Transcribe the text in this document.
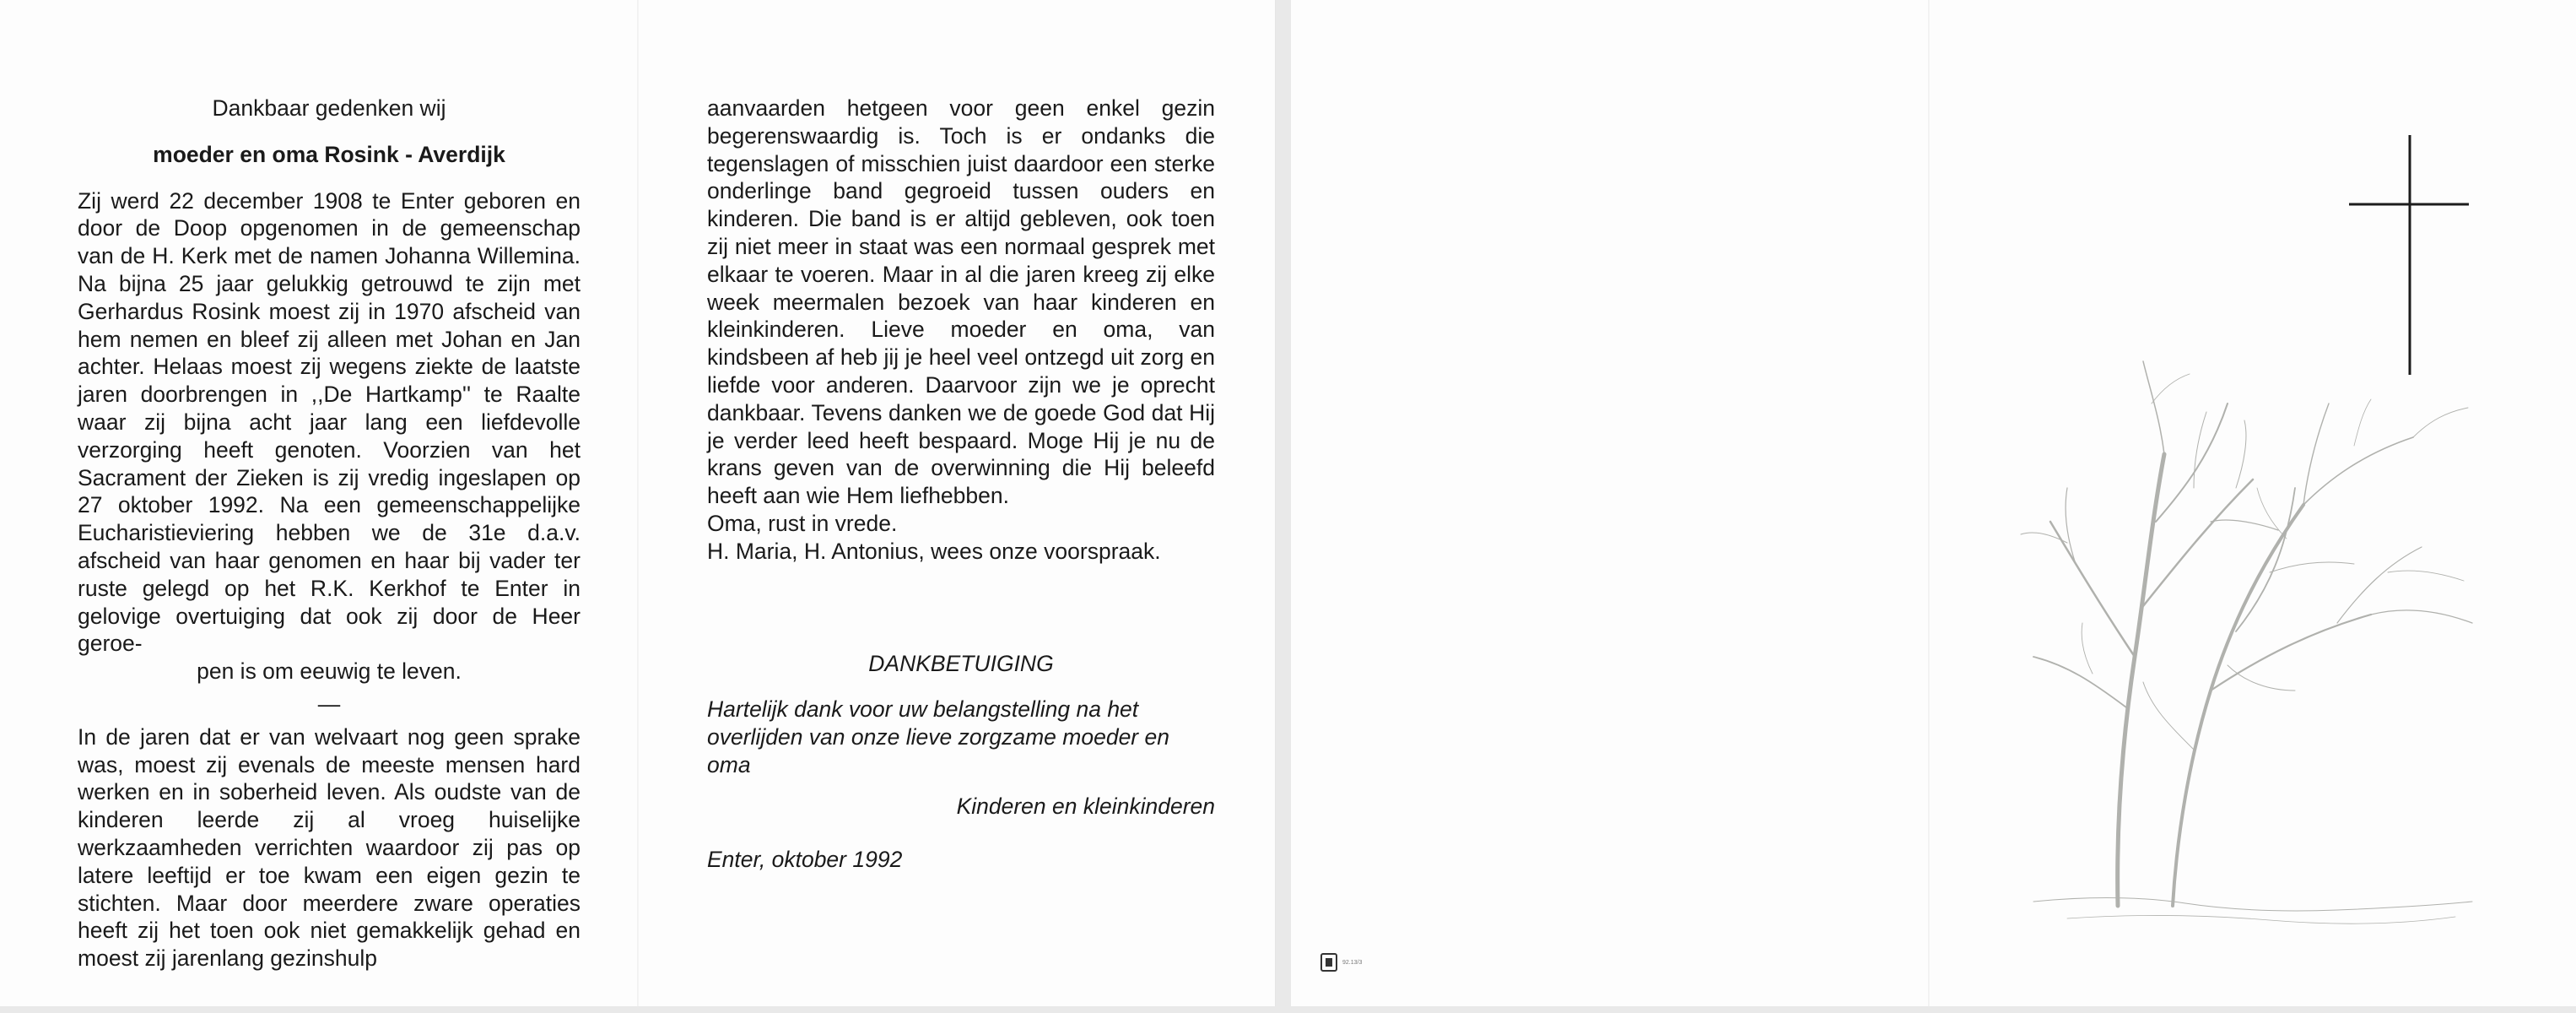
Dankbaar gedenken wij

moeder en oma Rosink - Averdijk

Zij werd 22 december 1908 te Enter geboren en door de Doop opgenomen in de gemeenschap van de H. Kerk met de namen Johanna Willemina. Na bijna 25 jaar gelukkig getrouwd te zijn met Gerhardus Rosink moest zij in 1970 afscheid van hem nemen en bleef zij alleen met Johan en Jan achter. Helaas moest zij wegens ziekte de laatste jaren doorbrengen in ,,De Hartkamp'' te Raalte waar zij bijna acht jaar lang een liefdevolle verzorging heeft genoten. Voorzien van het Sacrament der Zieken is zij vredig ingeslapen op 27 oktober 1992. Na een gemeenschappelijke Eucharistieviering hebben we de 31e d.a.v. afscheid van haar genomen en haar bij vader ter ruste gelegd op het R.K. Kerkhof te Enter in gelovige overtuiging dat ook zij door de Heer geroe-

pen is om eeuwig te leven.

—

In de jaren dat er van welvaart nog geen sprake was, moest zij evenals de meeste mensen hard werken en in soberheid leven. Als oudste van de kinderen leerde zij al vroeg huiselijke werkzaamheden verrichten waardoor zij pas op latere leeftijd er toe kwam een eigen gezin te stichten. Maar door meerdere zware operaties heeft zij het toen ook niet gemakkelijk gehad en moest zij jarenlang gezinshulp

aanvaarden hetgeen voor geen enkel gezin begerenswaardig is. Toch is er ondanks die tegenslagen of misschien juist daardoor een sterke onderlinge band gegroeid tussen ouders en kinderen. Die band is er altijd gebleven, ook toen zij niet meer in staat was een normaal gesprek met elkaar te voeren. Maar in al die jaren kreeg zij elke week meermalen bezoek van haar kinderen en kleinkinderen. Lieve moeder en oma, van kindsbeen af heb jij je heel veel ontzegd uit zorg en liefde voor anderen. Daarvoor zijn we je oprecht dankbaar. Tevens danken we de goede God dat Hij je verder leed heeft bespaard. Moge Hij je nu de krans geven van de overwinning die Hij beleefd heeft aan wie Hem liefhebben.

Oma, rust in vrede.

H. Maria, H. Antonius, wees onze voorspraak.

DANKBETUIGING

Hartelijk dank voor uw belangstelling na het overlijden van onze lieve zorgzame moeder en oma

Kinderen en kleinkinderen

Enter, oktober 1992

92.13/3
